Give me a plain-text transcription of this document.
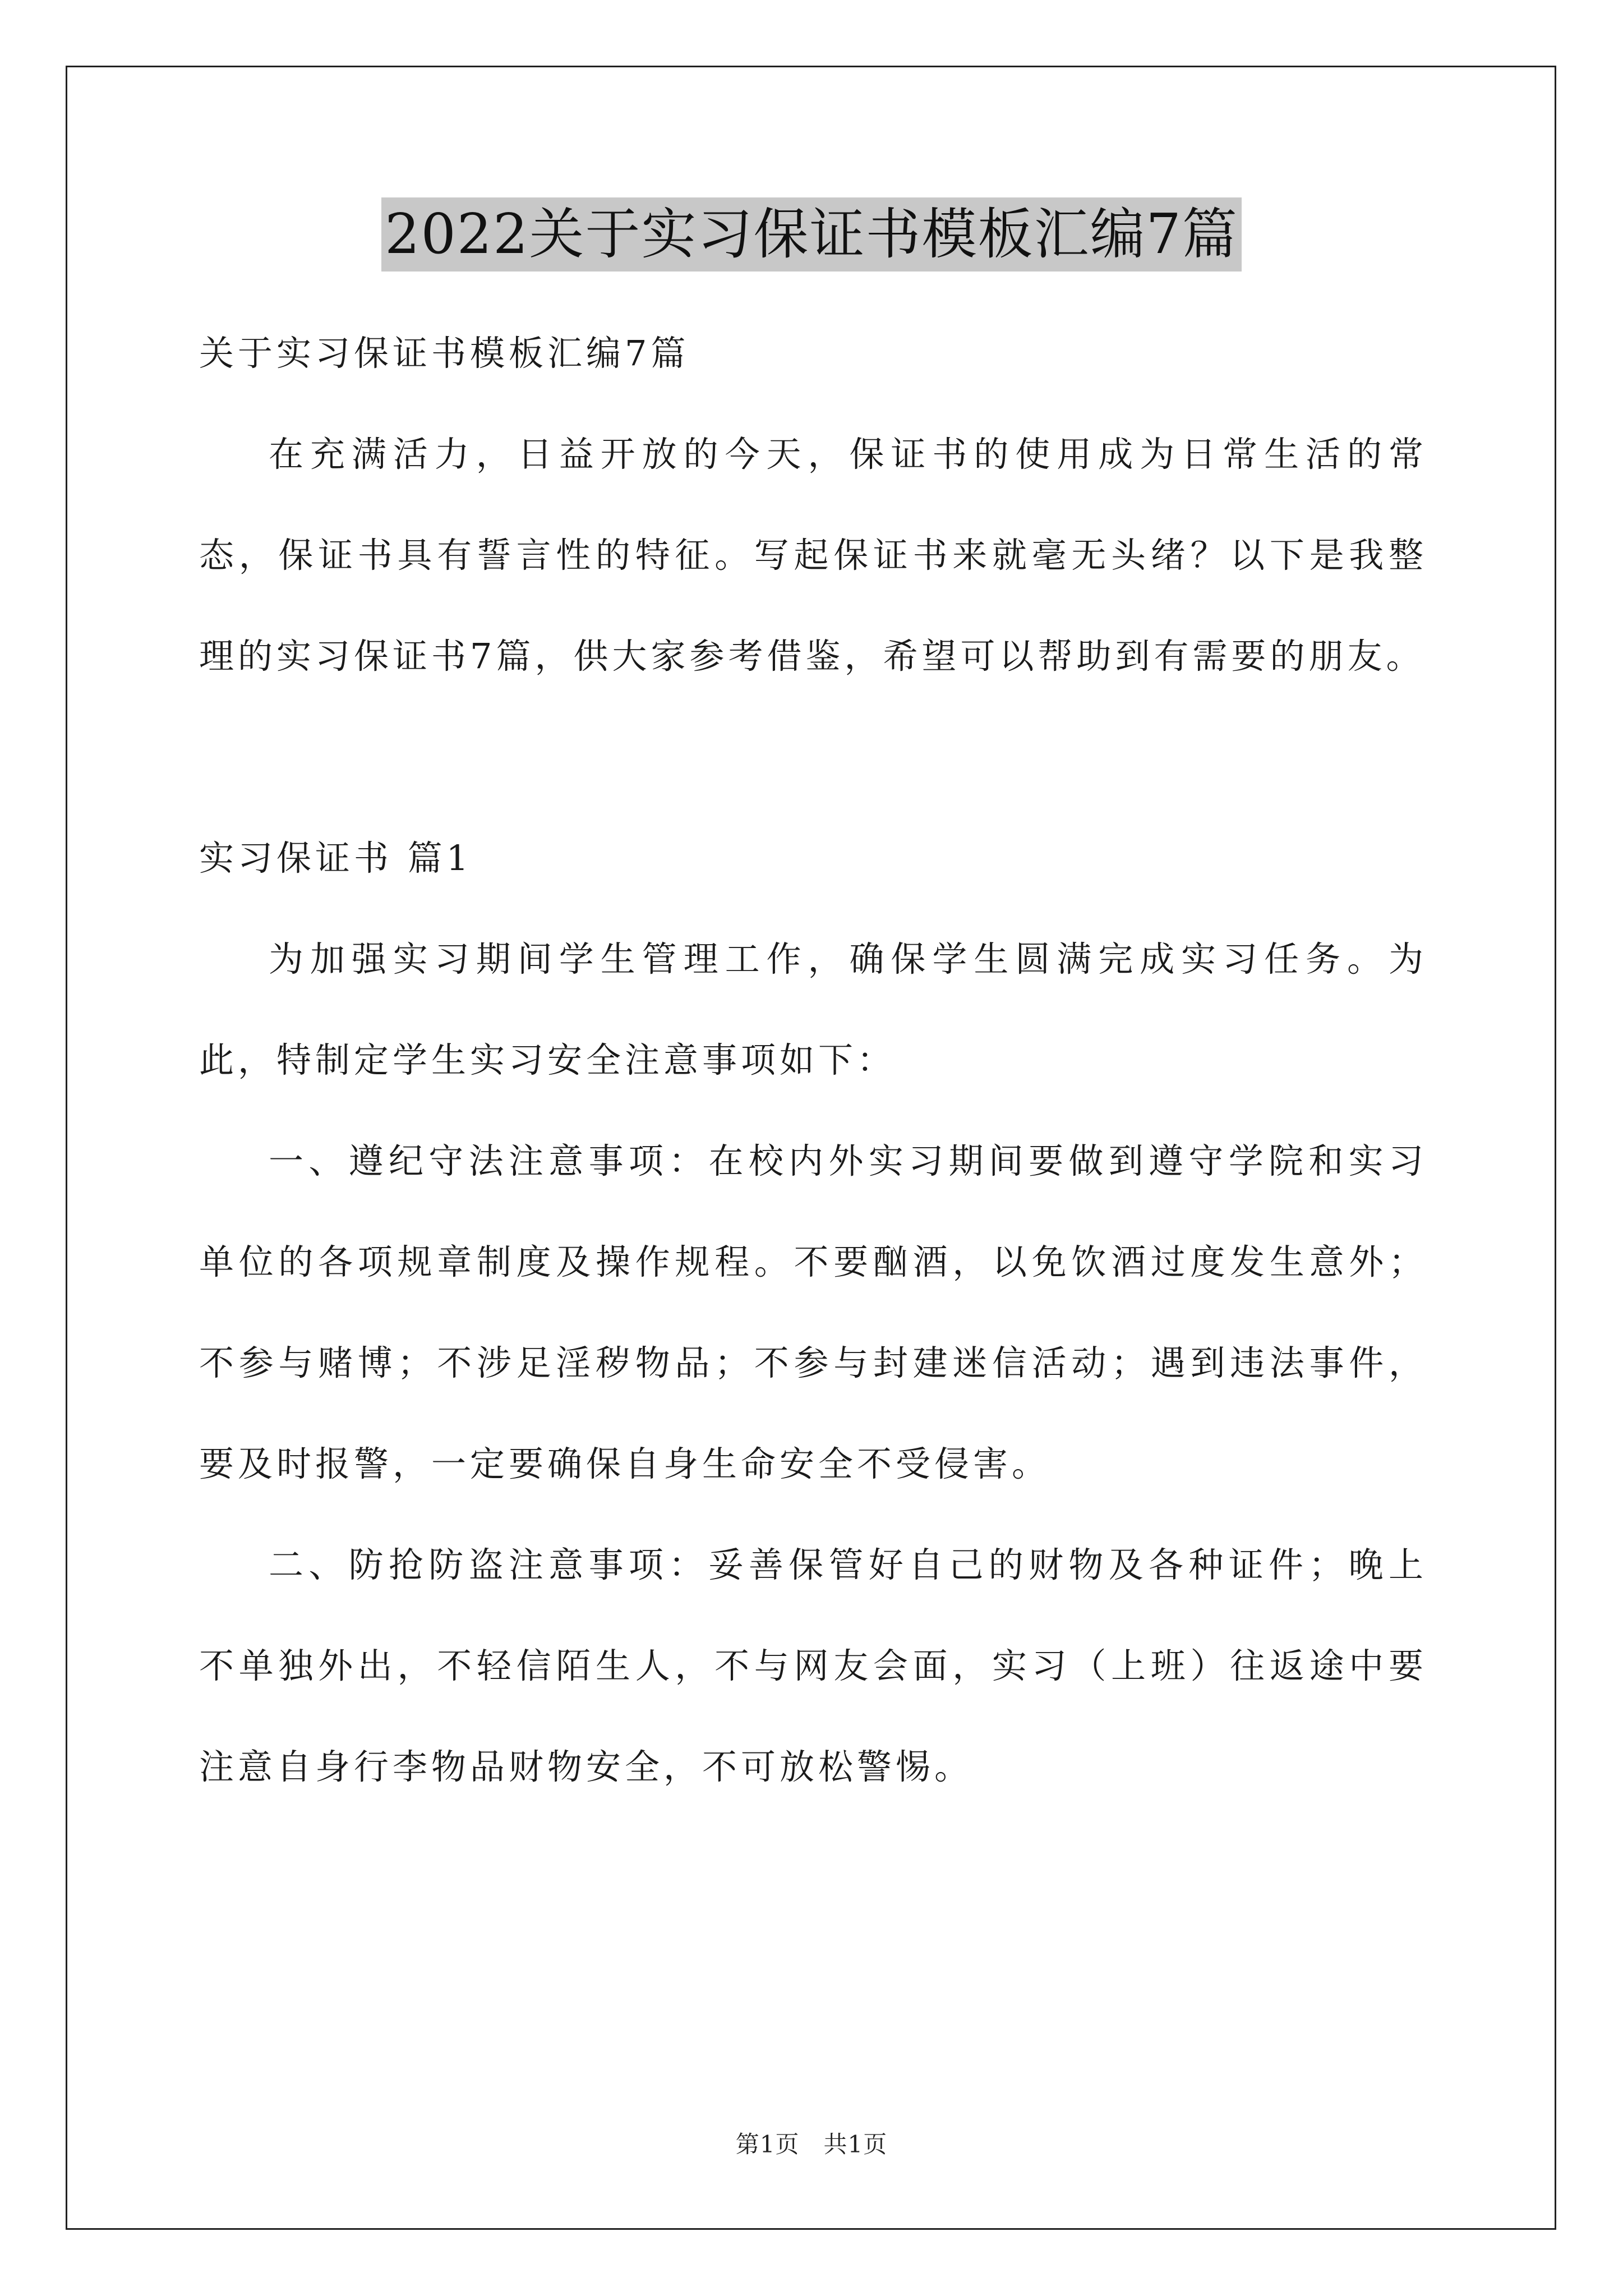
2022关于实习保证书模板汇编7篇

关于实习保证书模板汇编7篇

在充满活力，日益开放的今天，保证书的使用成为日常生活的常态，保证书具有誓言性的特征。写起保证书来就毫无头绪？以下是我整理的实习保证书7篇，供大家参考借鉴，希望可以帮助到有需要的朋友。

实习保证书 篇1

为加强实习期间学生管理工作，确保学生圆满完成实习任务。为此，特制定学生实习安全注意事项如下：

一、遵纪守法注意事项：在校内外实习期间要做到遵守学院和实习单位的各项规章制度及操作规程。不要酗酒，以免饮酒过度发生意外；不参与赌博；不涉足淫秽物品；不参与封建迷信活动；遇到违法事件，要及时报警，一定要确保自身生命安全不受侵害。

二、防抢防盗注意事项：妥善保管好自己的财物及各种证件；晚上不单独外出，不轻信陌生人，不与网友会面，实习（上班）往返途中要注意自身行李物品财物安全，不可放松警惕。

第1页　共1页
